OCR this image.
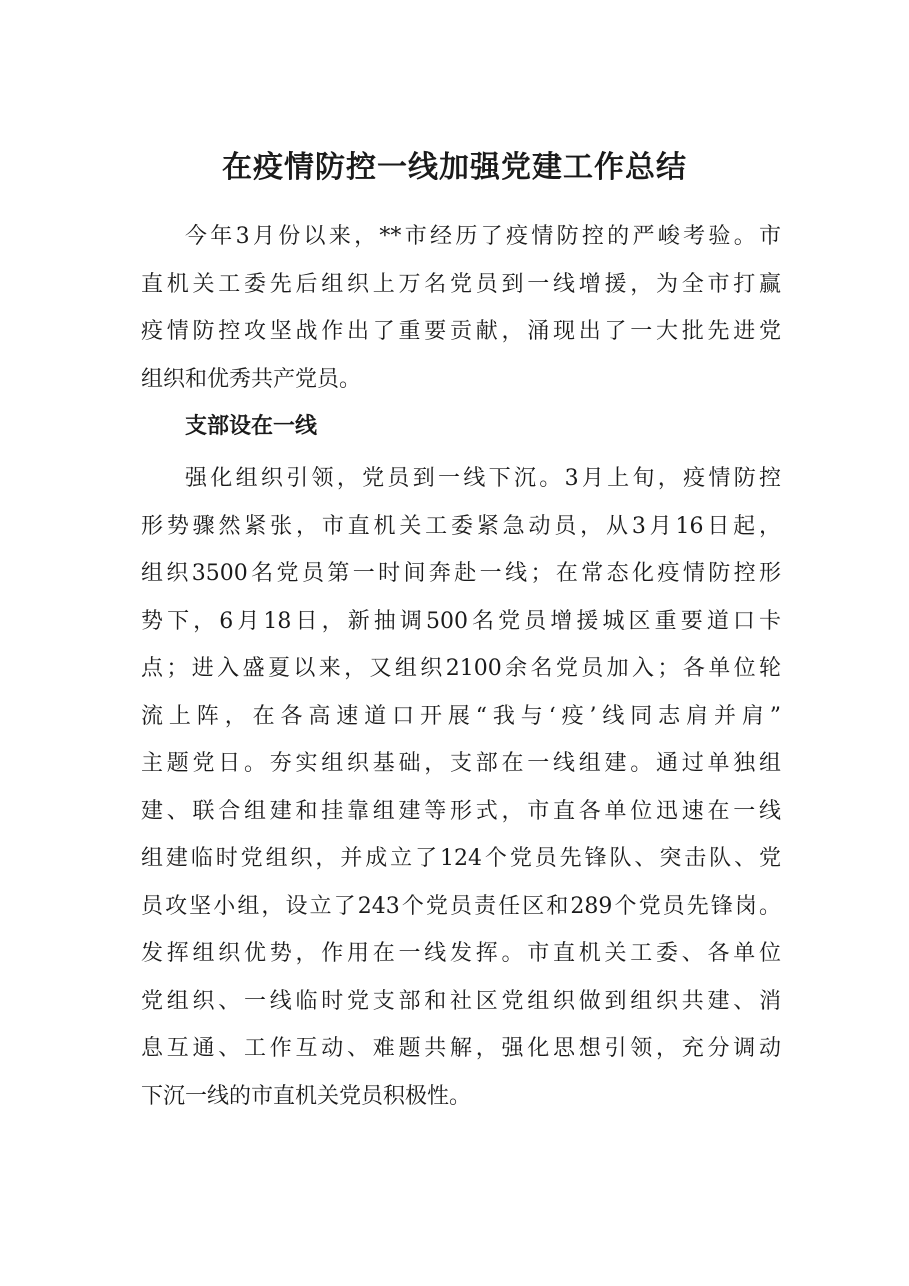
在疫情防控一线加强党建工作总结
今年3月份以来，**市经历了疫情防控的严峻考验。市
直机关工委先后组织上万名党员到一线增援，为全市打赢
疫情防控攻坚战作出了重要贡献，涌现出了一大批先进党
组织和优秀共产党员。
支部设在一线
强化组织引领，党员到一线下沉。3月上旬，疫情防控
形势骤然紧张，市直机关工委紧急动员，从3月16日起，
组织3500名党员第一时间奔赴一线；在常态化疫情防控形
势下，6月18日，新抽调500名党员增援城区重要道口卡
点；进入盛夏以来，又组织2100余名党员加入；各单位轮
流上阵，在各高速道口开展“我与‘疫’线同志肩并肩”
主题党日。夯实组织基础，支部在一线组建。通过单独组
建、联合组建和挂靠组建等形式，市直各单位迅速在一线
组建临时党组织，并成立了124个党员先锋队、突击队、党
员攻坚小组，设立了243个党员责任区和289个党员先锋岗。
发挥组织优势，作用在一线发挥。市直机关工委、各单位
党组织、一线临时党支部和社区党组织做到组织共建、消
息互通、工作互动、难题共解，强化思想引领，充分调动
下沉一线的市直机关党员积极性。
